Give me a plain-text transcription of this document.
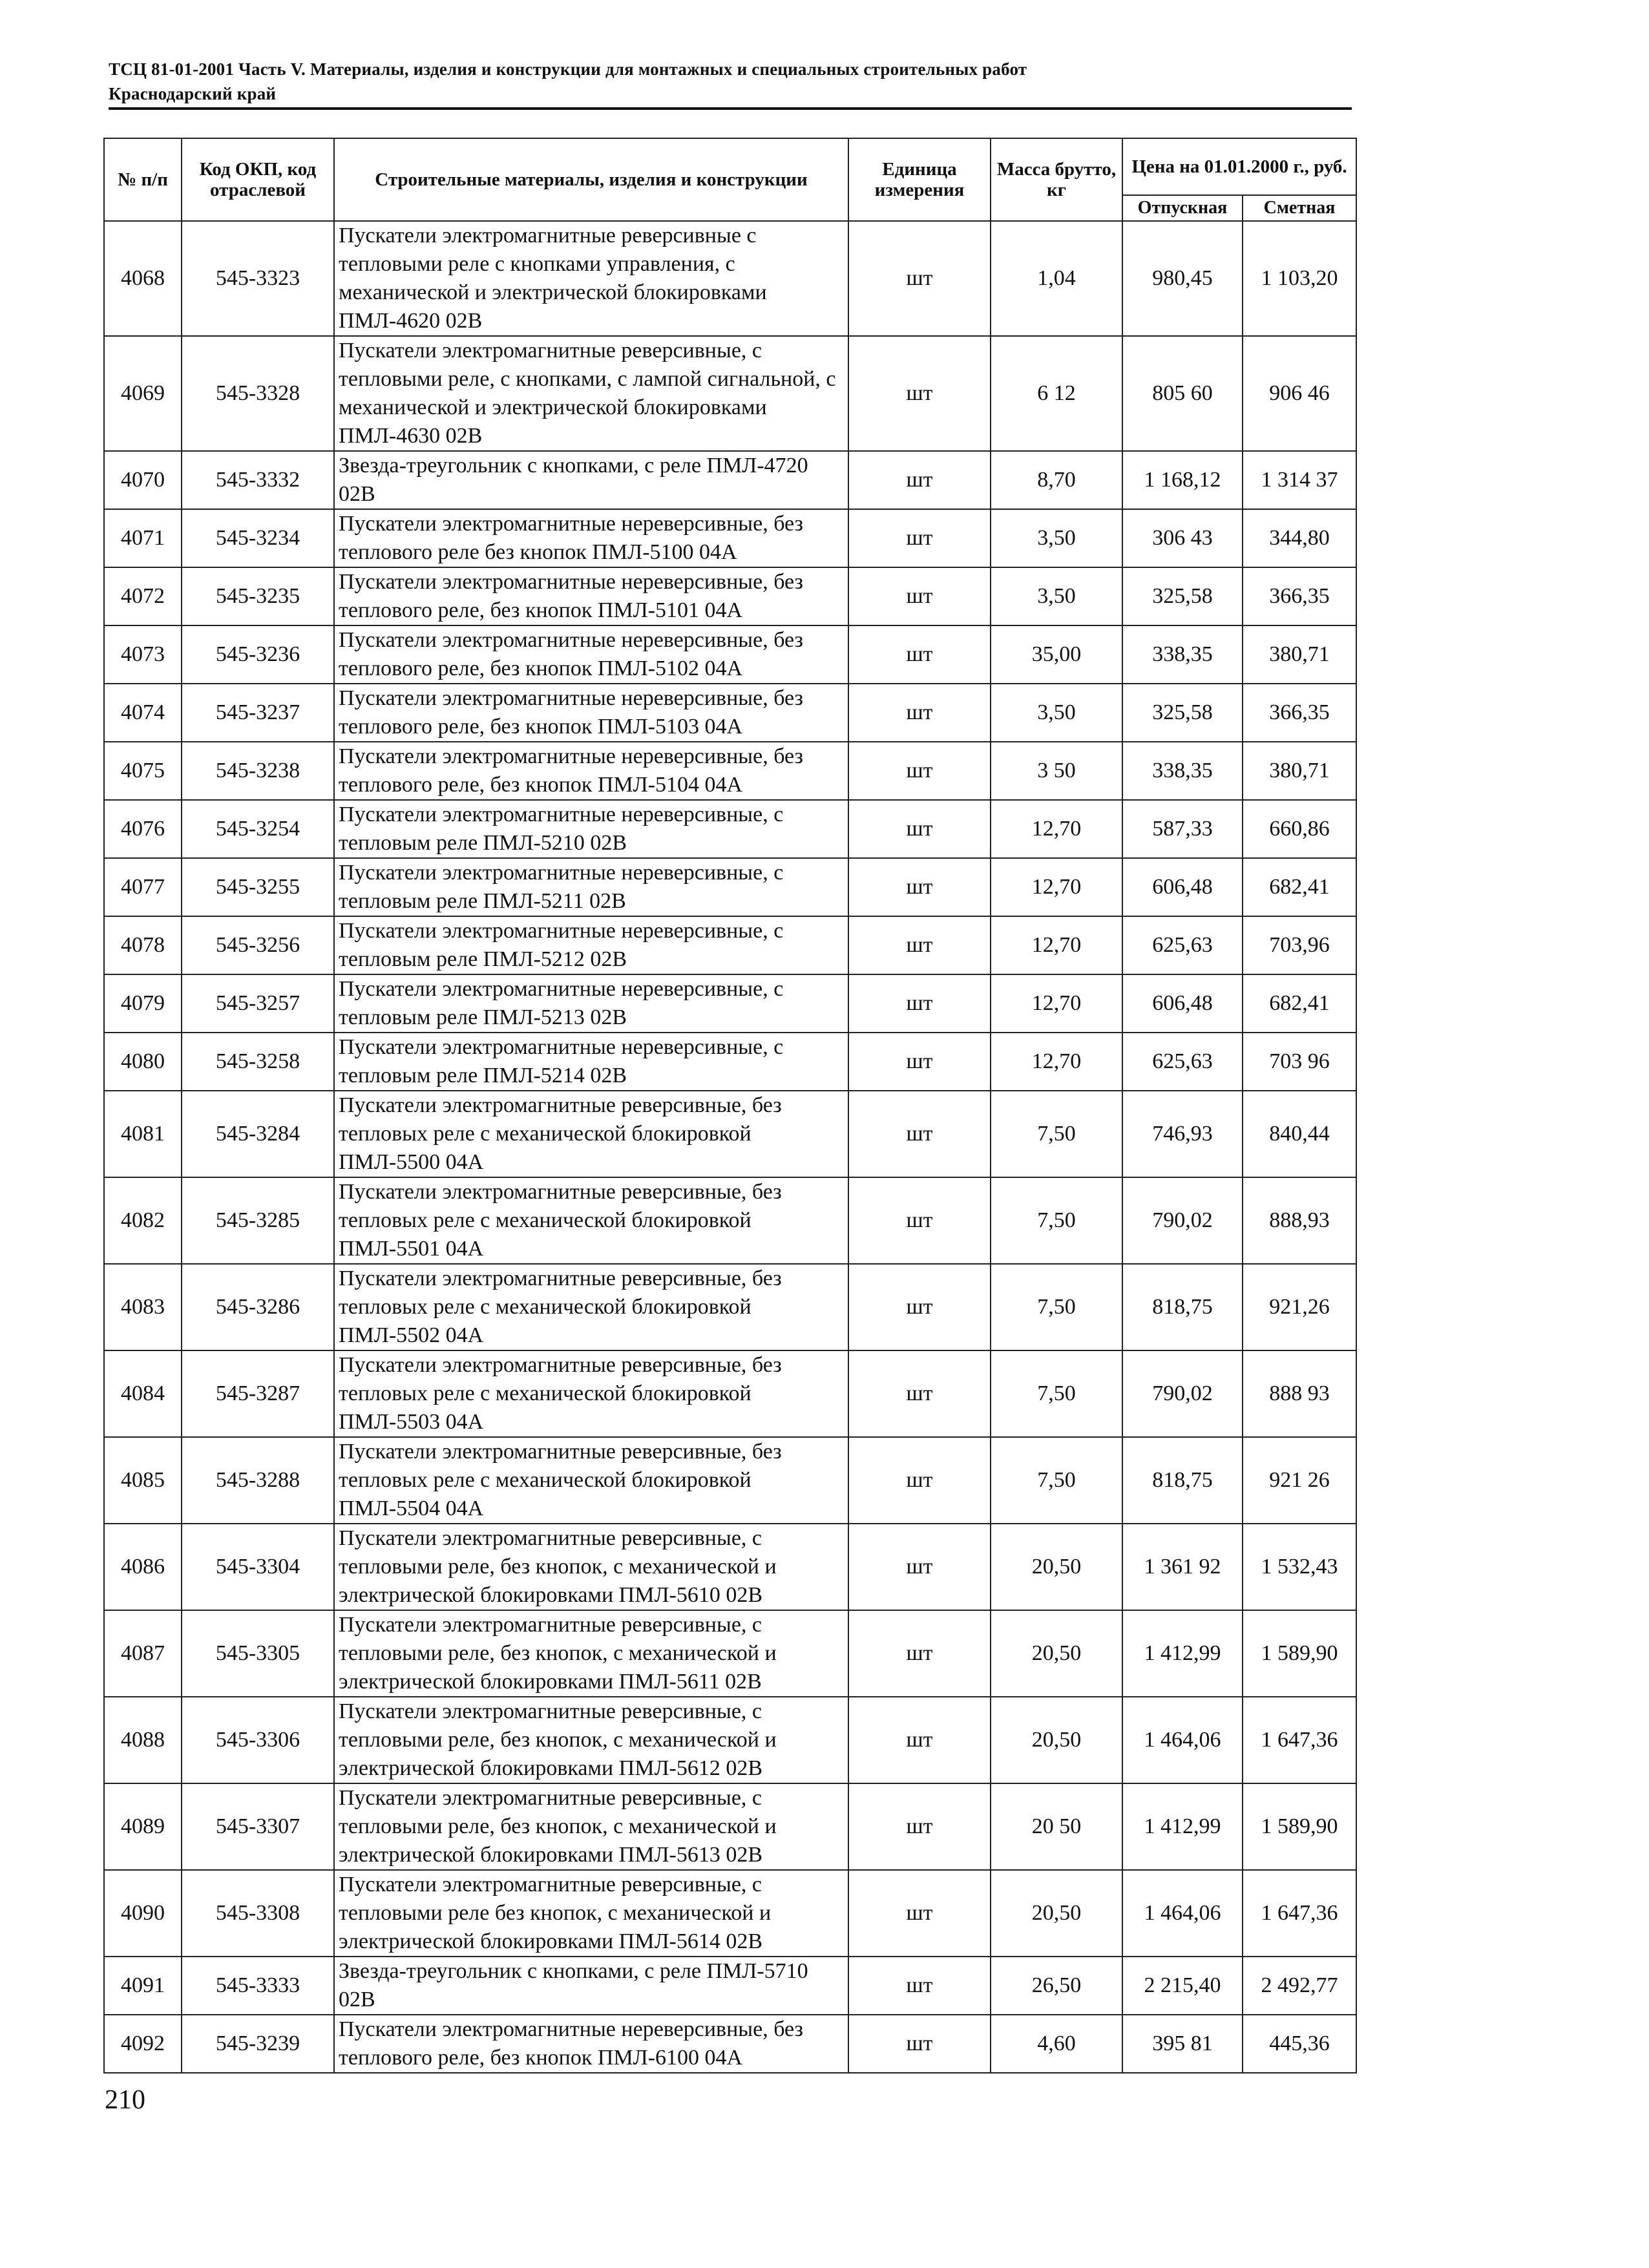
ТСЦ 81-01-2001 Часть V. Материалы, изделия и конструкции для монтажных и специальных строительных работ
Краснодарский край
№ п/п	Код ОКП, код отраслевой	Строительные материалы, изделия и конструкции	Единица измерения	Масса брутто, кг	Цена на 01.01.2000 г., руб.	
					Отпускная	Сметная
4068	545-3323	Пускатели электромагнитные реверсивные с тепловыми реле с кнопками управления, с механической и электрической блокировками ПМЛ-4620 02В	шт	1,04	980,45	1 103,20
4069	545-3328	Пускатели электромагнитные реверсивные, с тепловыми реле, с кнопками, с лампой сигнальной, с механической и электрической блокировками ПМЛ-4630 02В	шт	6 12	805 60	906 46
4070	545-3332	Звезда-треугольник с кнопками, с реле ПМЛ-4720 02В	шт	8,70	1 168,12	1 314 37
4071	545-3234	Пускатели электромагнитные нереверсивные, без теплового реле без кнопок ПМЛ-5100 04А	шт	3,50	306 43	344,80
4072	545-3235	Пускатели электромагнитные нереверсивные, без теплового реле, без кнопок ПМЛ-5101 04А	шт	3,50	325,58	366,35
4073	545-3236	Пускатели электромагнитные нереверсивные, без теплового реле, без кнопок ПМЛ-5102 04А	шт	35,00	338,35	380,71
4074	545-3237	Пускатели электромагнитные нереверсивные, без теплового реле, без кнопок ПМЛ-5103 04А	шт	3,50	325,58	366,35
4075	545-3238	Пускатели электромагнитные нереверсивные, без теплового реле, без кнопок ПМЛ-5104 04А	шт	3 50	338,35	380,71
4076	545-3254	Пускатели электромагнитные нереверсивные, с тепловым реле ПМЛ-5210 02В	шт	12,70	587,33	660,86
4077	545-3255	Пускатели электромагнитные нереверсивные, с тепловым реле ПМЛ-5211 02В	шт	12,70	606,48	682,41
4078	545-3256	Пускатели электромагнитные нереверсивные, с тепловым реле ПМЛ-5212 02В	шт	12,70	625,63	703,96
4079	545-3257	Пускатели электромагнитные нереверсивные, с тепловым реле ПМЛ-5213 02В	шт	12,70	606,48	682,41
4080	545-3258	Пускатели электромагнитные нереверсивные, с тепловым реле ПМЛ-5214 02В	шт	12,70	625,63	703 96
4081	545-3284	Пускатели электромагнитные реверсивные, без тепловых реле с механической блокировкой ПМЛ-5500 04А	шт	7,50	746,93	840,44
4082	545-3285	Пускатели электромагнитные реверсивные, без тепловых реле с механической блокировкой ПМЛ-5501 04А	шт	7,50	790,02	888,93
4083	545-3286	Пускатели электромагнитные реверсивные, без тепловых реле с механической блокировкой ПМЛ-5502 04А	шт	7,50	818,75	921,26
4084	545-3287	Пускатели электромагнитные реверсивные, без тепловых реле с механической блокировкой ПМЛ-5503 04А	шт	7,50	790,02	888 93
4085	545-3288	Пускатели электромагнитные реверсивные, без тепловых реле с механической блокировкой ПМЛ-5504 04А	шт	7,50	818,75	921 26
4086	545-3304	Пускатели электромагнитные реверсивные, с тепловыми реле, без кнопок, с механической и электрической блокировками ПМЛ-5610 02В	шт	20,50	1 361 92	1 532,43
4087	545-3305	Пускатели электромагнитные реверсивные, с тепловыми реле, без кнопок, с механической и электрической блокировками ПМЛ-5611 02В	шт	20,50	1 412,99	1 589,90
4088	545-3306	Пускатели электромагнитные реверсивные, с тепловыми реле, без кнопок, с механической и электрической блокировками ПМЛ-5612 02В	шт	20,50	1 464,06	1 647,36
4089	545-3307	Пускатели электромагнитные реверсивные, с тепловыми реле, без кнопок, с механической и электрической блокировками ПМЛ-5613 02В	шт	20 50	1 412,99	1 589,90
4090	545-3308	Пускатели электромагнитные реверсивные, с тепловыми реле без кнопок, с механической и электрической блокировками ПМЛ-5614 02В	шт	20,50	1 464,06	1 647,36
4091	545-3333	Звезда-треугольник с кнопками, с реле ПМЛ-5710 02В	шт	26,50	2 215,40	2 492,77
4092	545-3239	Пускатели электромагнитные нереверсивные, без теплового реле, без кнопок ПМЛ-6100 04А	шт	4,60	395 81	445,36
210
